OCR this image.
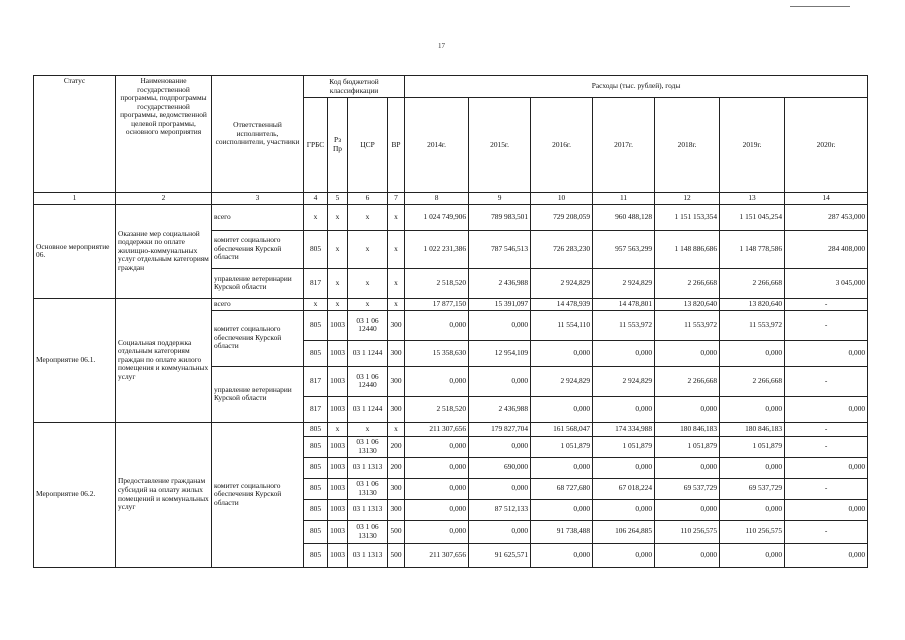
17
Статус	Наименование государственной программы, подпрограммы государственной программы, ведомственной целевой программы, основного мероприятия	Ответственный исполнитель, соисполнители, участники	Код бюджетной классификации				Расходы (тыс. рублей), годы						
			ГРБС	Рз Пр	ЦСР	ВР	2014г.	2015г.	2016г.	2017г.	2018г.	2019г.	2020г.
1	2	3	4	5	6	7	8	9	10	11	12	13	14
Основное мероприятие 06.	Оказание мер социальной поддержки по оплате жилищно-коммунальных услуг отдельным категориям граждан	всего	х	х	х	х	1 024 749,906	789 983,501	729 208,059	960 488,128	1 151 153,354	1 151 045,254	287 453,000
		комитет социального обеспечения Курской области	805	х	х	х	1 022 231,386	787 546,513	726 283,230	957 563,299	1 148 886,686	1 148 778,586	284 408,000
		управление ветеринарии Курской области	817	х	х	х	2 518,520	2 436,988	2 924,829	2 924,829	2 266,668	2 266,668	3 045,000
Мероприятие 06.1.	Социальная поддержка отдельным категориям граждан по оплате жилого помещения и коммунальных услуг	всего	х	х	х	х	17 877,150	15 391,097	14 478,939	14 478,801	13 820,640	13 820,640	-
		комитет социального обеспечения Курской области	805	1003	03 1 06 12440	300	0,000	0,000	11 554,110	11 553,972	11 553,972	11 553,972	-
			805	1003	03 1 1244	300	15 358,630	12 954,109	0,000	0,000	0,000	0,000	0,000
		управление ветеринарии Курской области	817	1003	03 1 06 12440	300	0,000	0,000	2 924,829	2 924,829	2 266,668	2 266,668	-
			817	1003	03 1 1244	300	2 518,520	2 436,988	0,000	0,000	0,000	0,000	0,000
Мероприятие 06.2.	Предоставление гражданам субсидий на оплату жилых помещений и коммунальных услуг	комитет социального обеспечения Курской области	805	х	х	х	211 307,656	179 827,704	161 568,047	174 334,988	180 846,183	180 846,183	-
			805	1003	03 1 06 13130	200	0,000	0,000	1 051,879	1 051,879	1 051,879	1 051,879	-
			805	1003	03 1 1313	200	0,000	690,000	0,000	0,000	0,000	0,000	0,000
			805	1003	03 1 06 13130	300	0,000	0,000	68 727,680	67 018,224	69 537,729	69 537,729	-
			805	1003	03 1 1313	300	0,000	87 512,133	0,000	0,000	0,000	0,000	0,000
			805	1003	03 1 06 13130	500	0,000	0,000	91 738,488	106 264,885	110 256,575	110 256,575	-
			805	1003	03 1 1313	500	211 307,656	91 625,571	0,000	0,000	0,000	0,000	0,000
